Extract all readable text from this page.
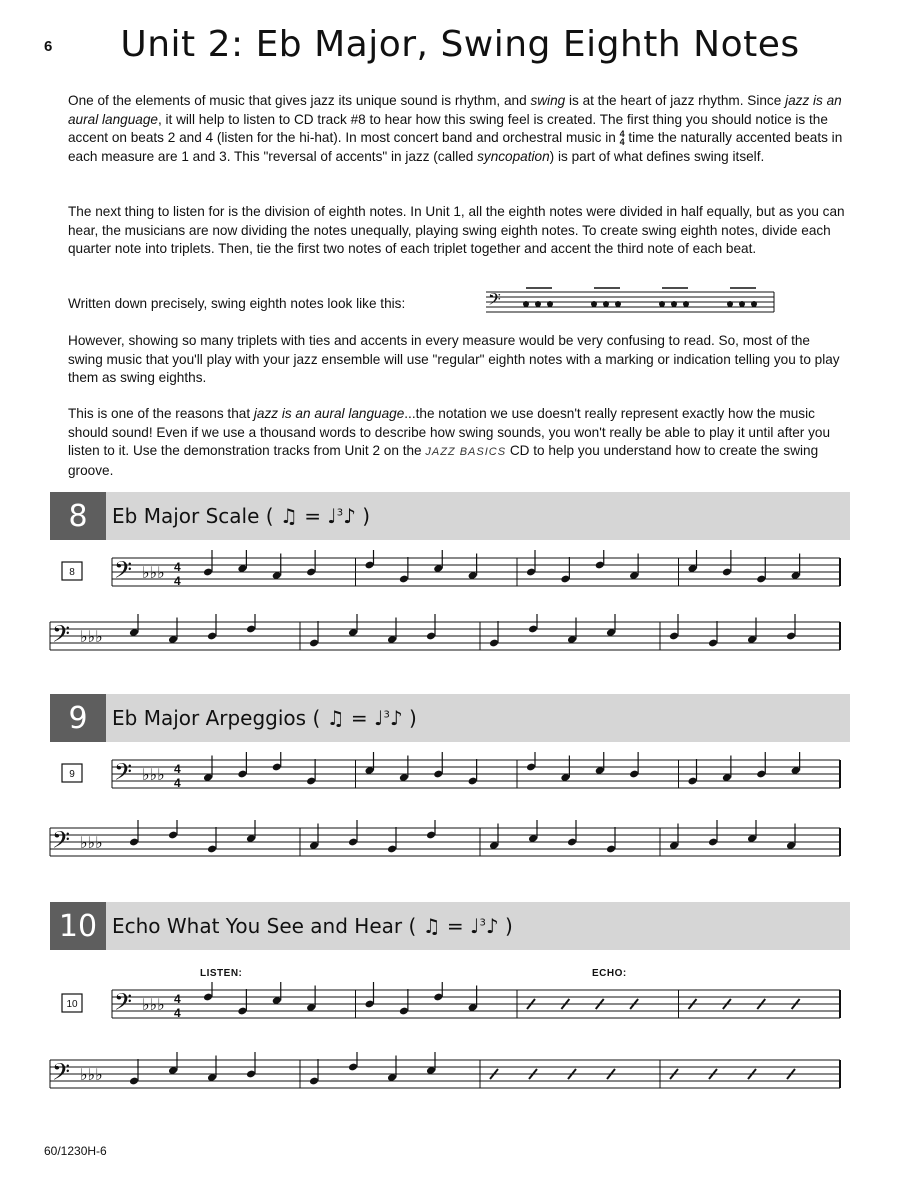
6	Unit 2: Eb Major, Swing Eighth Notes

One of the elements of music that gives jazz its unique sound is rhythm, and swing is at the heart of jazz rhythm. Since jazz is an aural language, it will help to listen to CD track #8 to hear how this swing feel is created. The first thing you should notice is the accent on beats 2 and 4 (listen for the hi-hat). In most concert band and orchestral music in 4
4 time the naturally accented beats in each measure are 1 and 3. This "reversal of accents" in jazz (called syncopation) is part of what defines swing itself.

The next thing to listen for is the division of eighth notes. In Unit 1, all the eighth notes were divided in half equally, but as you can hear, the musicians are now dividing the notes unequally, playing swing eighth notes. To create swing eighth notes, divide each quarter note into triplets. Then, tie the first two notes of each triplet together and accent the third note of each beat.

Written down precisely, swing eighth notes look like this:	𝄢

However, showing so many triplets with ties and accents in every measure would be very confusing to read. So, most of the swing music that you'll play with your jazz ensemble will use "regular" eighth notes with a marking or indication telling you to play them as swing eighths.

This is one of the reasons that jazz is an aural language...the notation we use doesn't really represent exactly how the music should sound! Even if we use a thousand words to describe how swing sounds, you won't really be able to play it until after you listen to it. Use the demonstration tracks from Unit 2 on the JAZZ BASICS CD to help you understand how to create the swing groove.

8	Eb Major Scale ( ♫ = ♩$^3$♪ )
𝄢 ♭♭♭
8	4
4
𝄢 ♭♭♭
9	Eb Major Arpeggios ( ♫ = ♩$^3$♪ )
𝄢 ♭♭♭
9	4
4
𝄢 ♭♭♭
10 Echo What You See and Hear ( ♫ = ♩$^3$♪ )
LISTEN:	ECHO:
𝄢 ♭♭♭
10	4
4
𝄢 ♭♭♭
60/1230H-6
